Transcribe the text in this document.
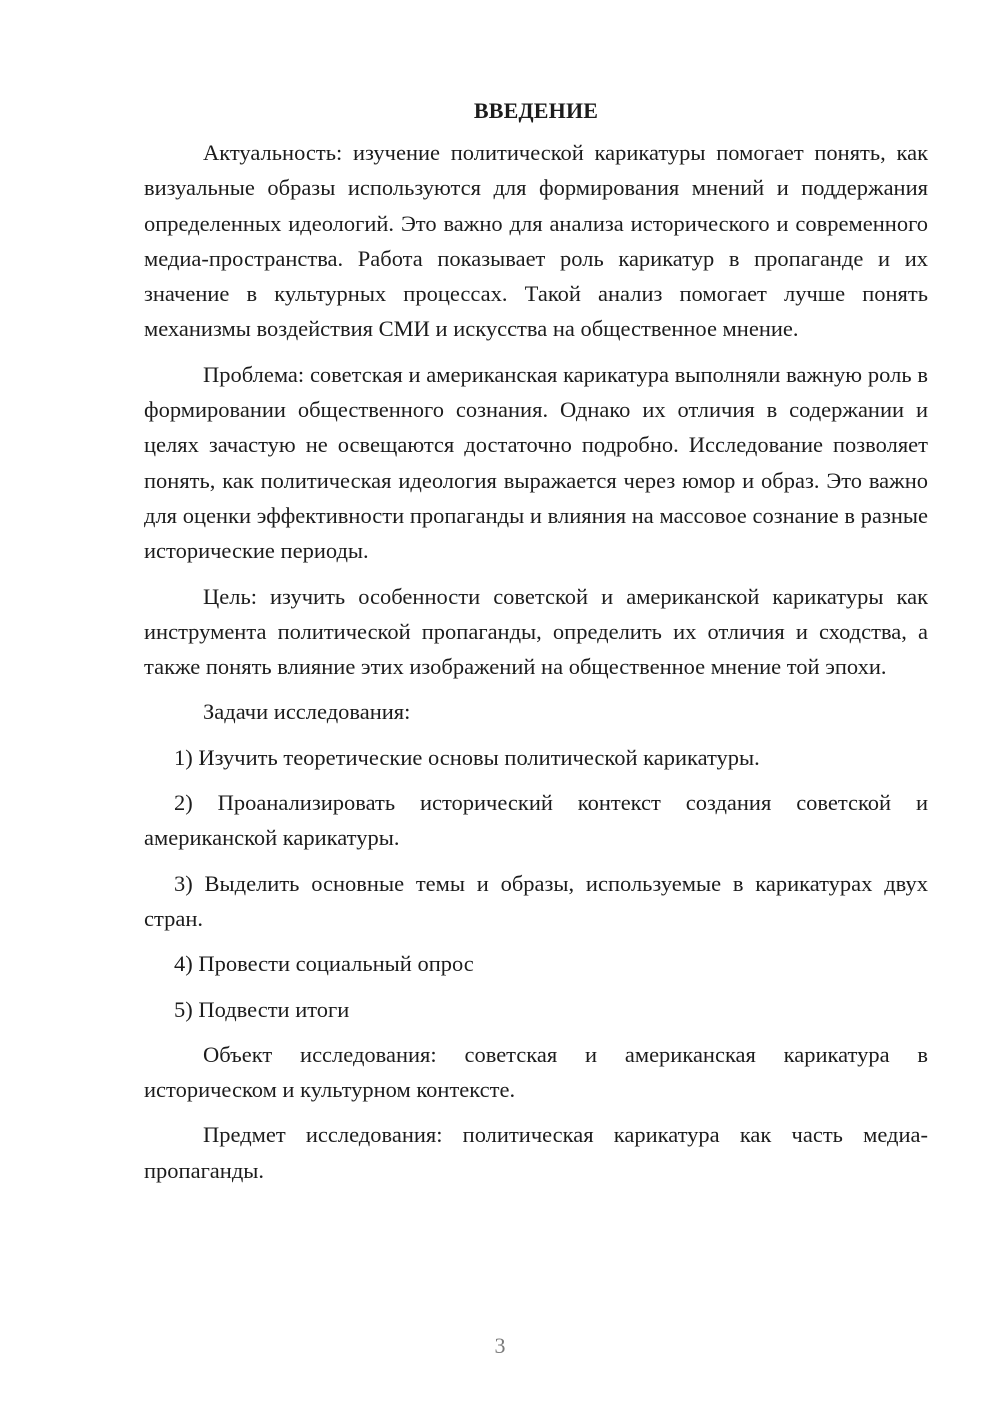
ВВЕДЕНИЕ

Актуальность: изучение политической карикатуры помогает понять, как визуальные образы используются для формирования мнений и поддержания определенных идеологий. Это важно для анализа исторического и современного медиа-пространства. Работа показывает роль карикатур в пропаганде и их значение в культурных процессах. Такой анализ помогает лучше понять механизмы воздействия СМИ и искусства на общественное мнение.

Проблема: советская и американская карикатура выполняли важную роль в формировании общественного сознания. Однако их отличия в содержании и целях зачастую не освещаются достаточно подробно. Исследование позволяет понять, как политическая идеология выражается через юмор и образ. Это важно для оценки эффективности пропаганды и влияния на массовое сознание в разные исторические периоды.

Цель: изучить особенности советской и американской карикатуры как инструмента политической пропаганды, определить их отличия и сходства, а также понять влияние этих изображений на общественное мнение той эпохи.

Задачи исследования:

1) Изучить теоретические основы политической карикатуры.

2) Проанализировать исторический контекст создания советской и американской карикатуры.

3) Выделить основные темы и образы, используемые в карикатурах двух стран.

4) Провести социальный опрос

5) Подвести итоги

Объект исследования: советская и американская карикатура в историческом и культурном контексте.

Предмет исследования: политическая карикатура как часть медиа-пропаганды.

3
